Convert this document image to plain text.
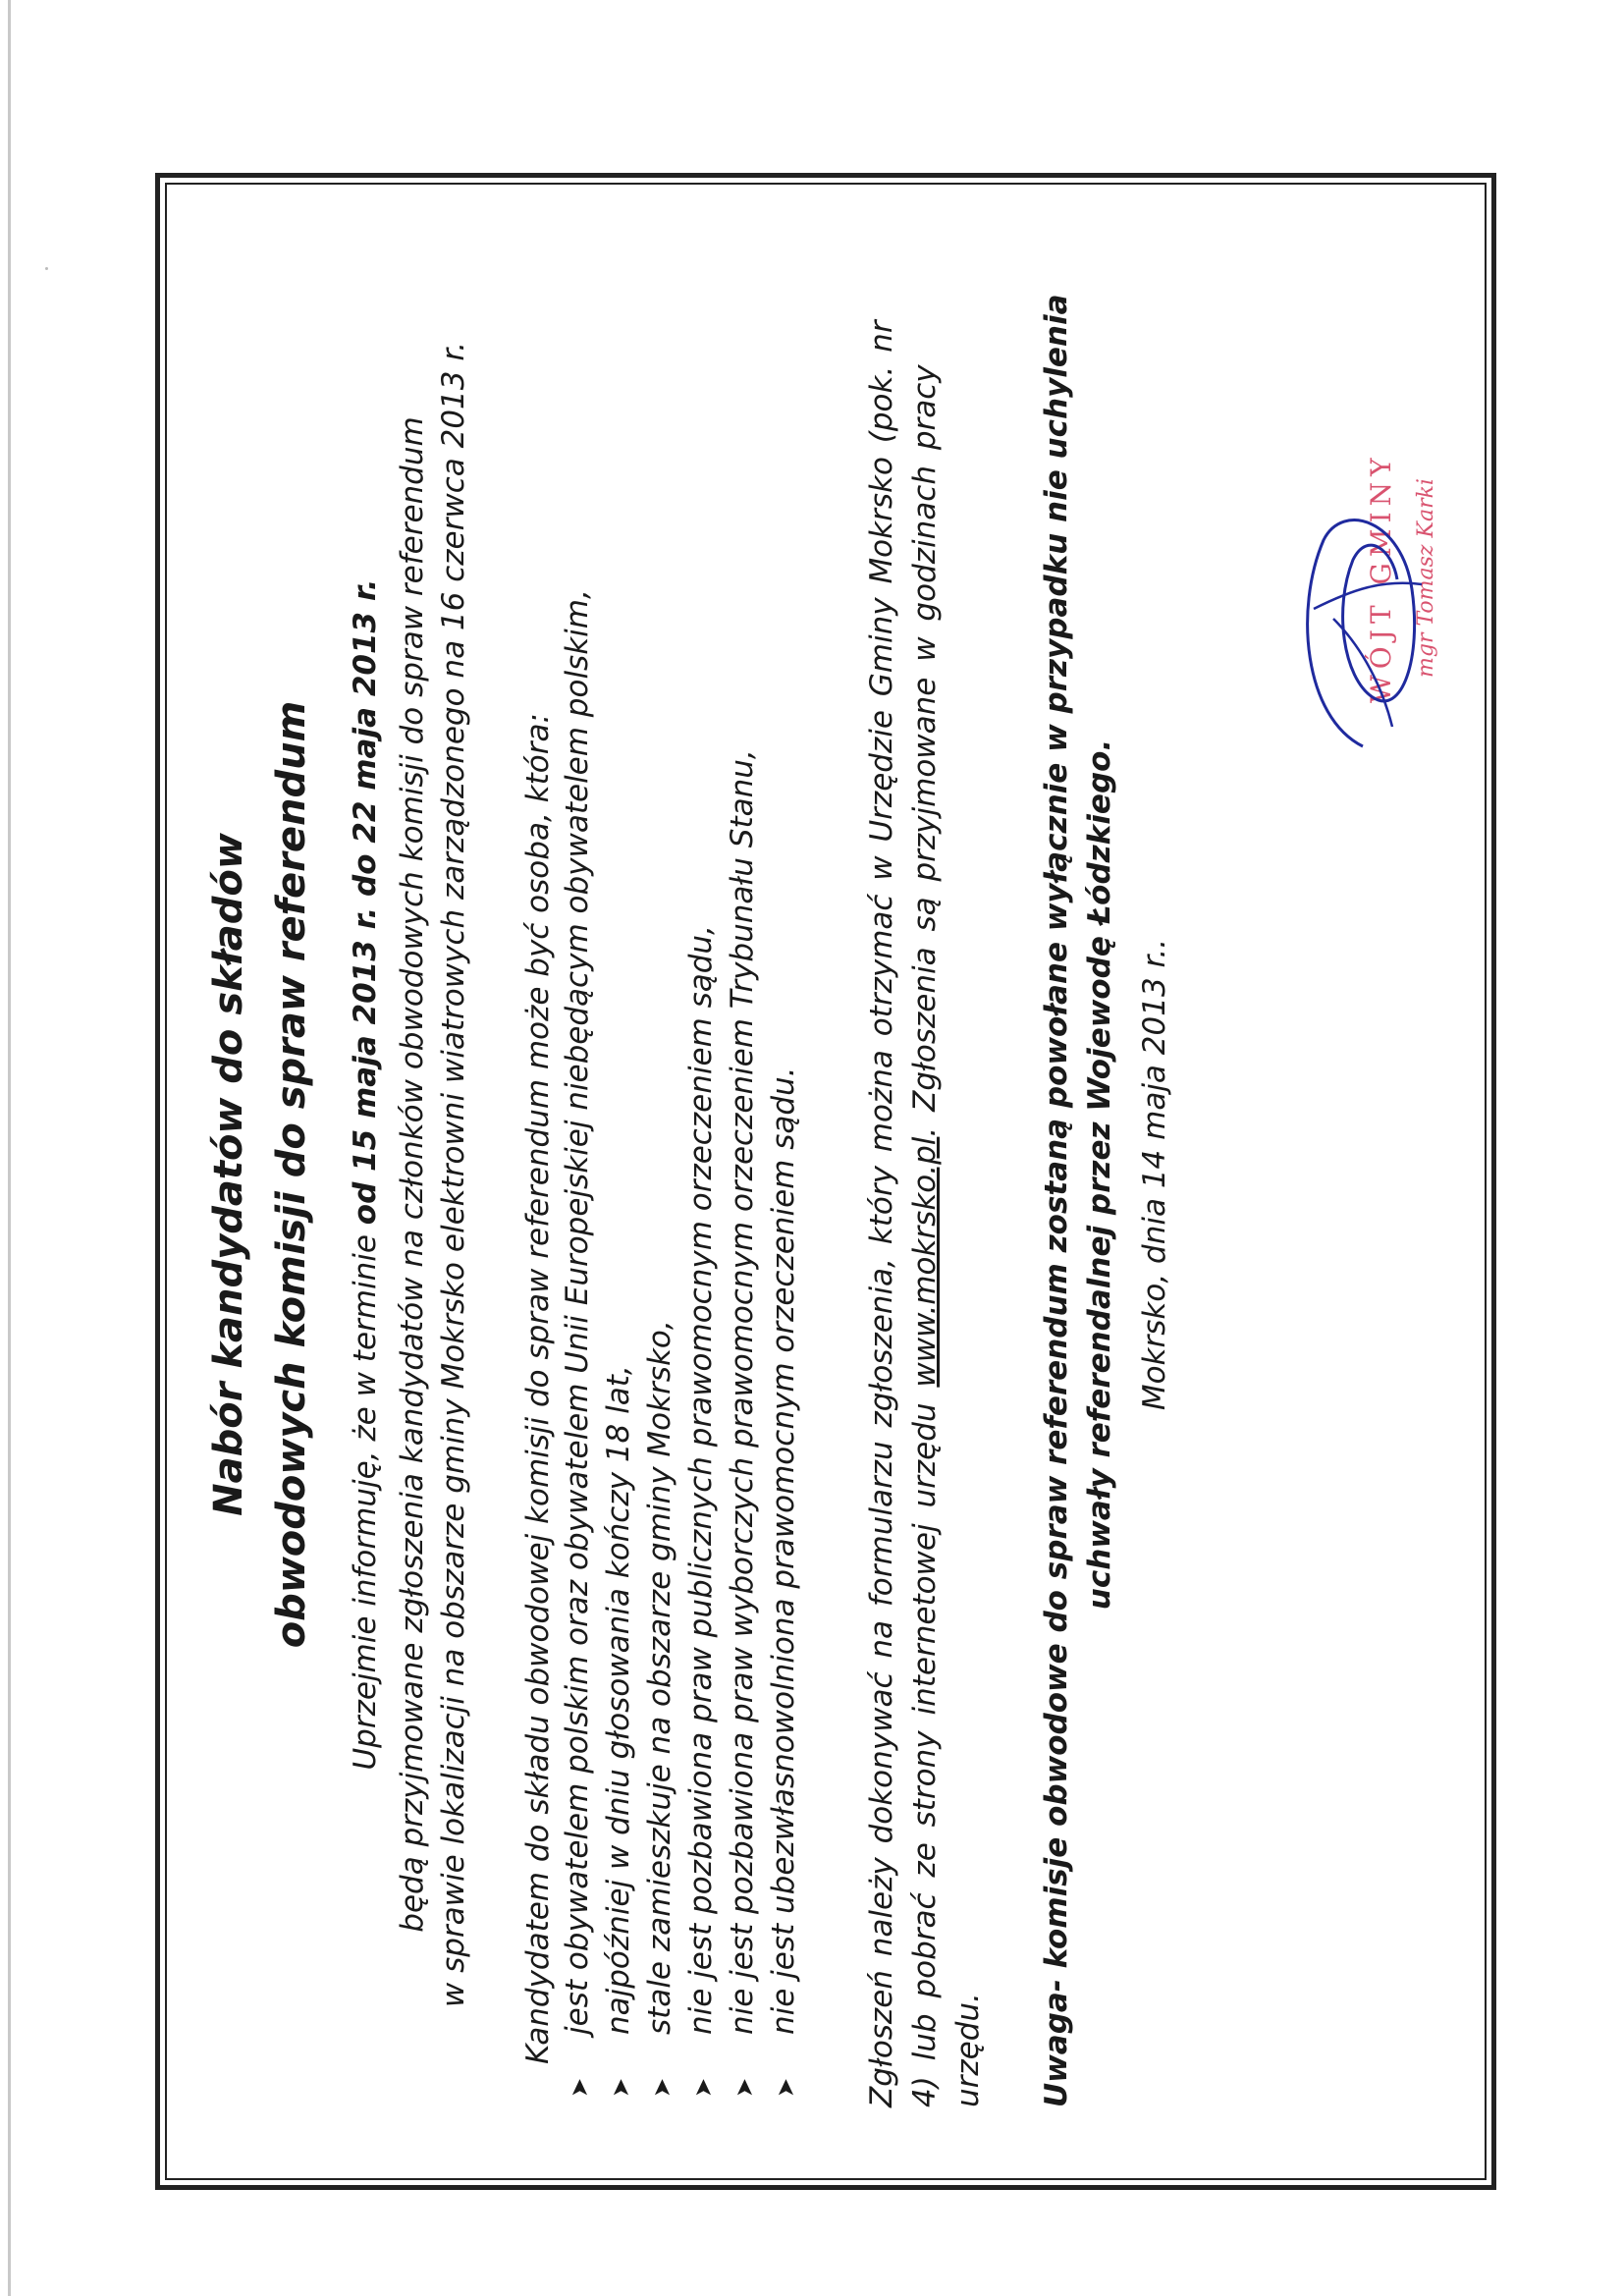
Nabór kandydatów do składów obwodowych komisji do spraw referendum Uprzejmie informuję, że w terminie od 15 maja 2013 r. do 22 maja 2013 r. będą przyjmowane zgłoszenia kandydatów na członków obwodowych komisji do spraw referendum w sprawie lokalizacji na obszarze gminy Mokrsko elektrowni wiatrowych zarządzonego na 16 czerwca 2013 r. Kandydatem do składu obwodowej komisji do spraw referendum może być osoba, która:
➤
jest obywatelem polskim oraz obywatelem Unii Europejskiej niebędącym obywatelem polskim,
➤
najpóźniej w dniu głosowania kończy 18 lat,
➤
stale zamieszkuje na obszarze gminy Mokrsko,
➤
nie jest pozbawiona praw publicznych prawomocnym orzeczeniem sądu,
➤
nie jest pozbawiona praw wyborczych prawomocnym orzeczeniem Trybunału Stanu,
➤
nie jest ubezwłasnowolniona prawomocnym orzeczeniem sądu. Zgłoszeń należy dokonywać na formularzu zgłoszenia, który można otrzymać w Urzędzie Gminy Mokrsko (pok. nr 4) lub pobrać ze strony internetowej urzędu www.mokrsko.pl. Zgłoszenia są przyjmowane w godzinach pracy
urzędu. Uwaga- komisje obwodowe do spraw referendum zostaną powołane wyłącznie w przypadku nie uchylenia uchwały referendalnej przez Wojewodę Łódzkiego. Mokrsko, dnia 14 maja 2013 r..
WÓJT GMINY mgr Tomasz Karki
